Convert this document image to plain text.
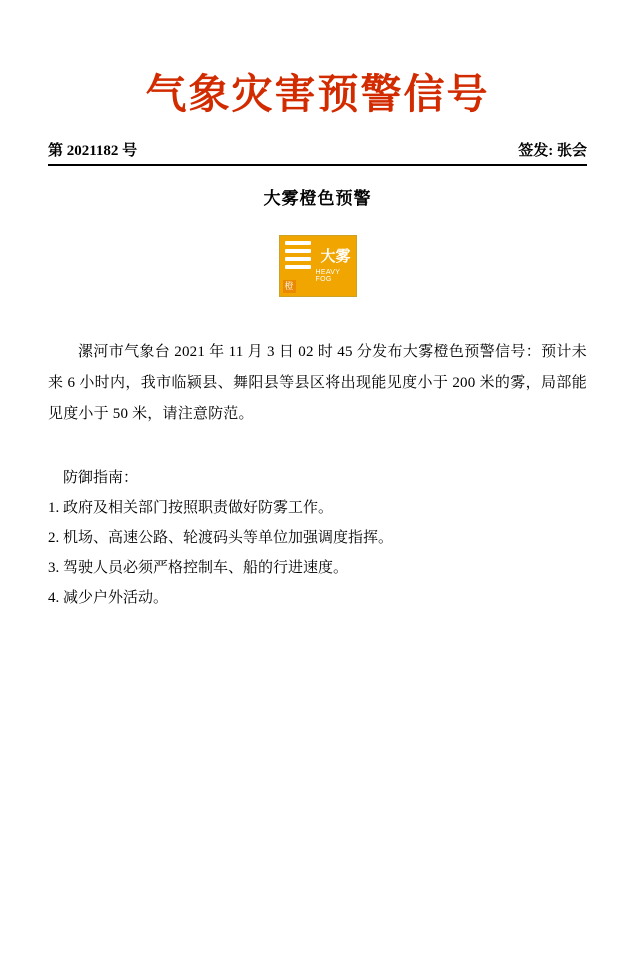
气象灾害预警信号
第 2021182 号	签发: 张会
大雾橙色预警
橙
大雾
HEAVY FOG
漯河市气象台 2021 年 11 月 3 日 02 时 45 分发布大雾橙色预警信号：预计未来 6 小时内，我市临颍县、舞阳县等县区将出现能见度小于 200 米的雾，局部能见度小于 50 米，请注意防范。
防御指南：
1. 政府及相关部门按照职责做好防雾工作。
2. 机场、高速公路、轮渡码头等单位加强调度指挥。
3. 驾驶人员必须严格控制车、船的行进速度。
4. 减少户外活动。
